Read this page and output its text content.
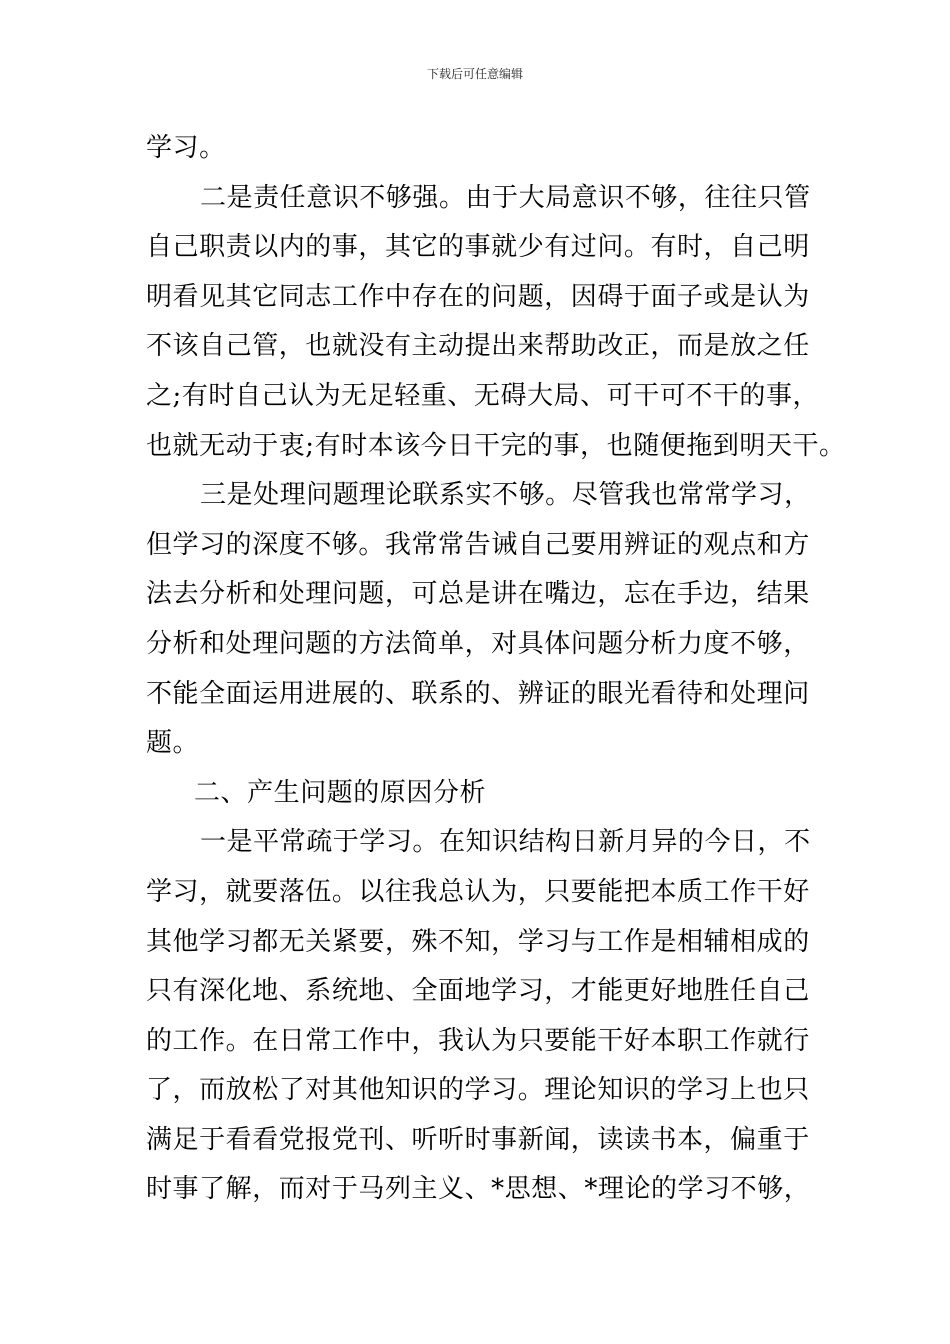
下载后可任意编辑
学习。
二是责任意识不够强。由于大局意识不够，往往只管
自己职责以内的事，其它的事就少有过问。有时，自己明
明看见其它同志工作中存在的问题，因碍于面子或是认为
不该自己管，也就没有主动提出来帮助改正，而是放之任
之;有时自己认为无足轻重、无碍大局、可干可不干的事，
也就无动于衷;有时本该今日干完的事，也随便拖到明天干。
三是处理问题理论联系实不够。尽管我也常常学习，
但学习的深度不够。我常常告诫自己要用辨证的观点和方
法去分析和处理问题，可总是讲在嘴边，忘在手边，结果
分析和处理问题的方法简单，对具体问题分析力度不够，
不能全面运用进展的、联系的、辨证的眼光看待和处理问
题。
二、产生问题的原因分析
一是平常疏于学习。在知识结构日新月异的今日，不
学习，就要落伍。以往我总认为，只要能把本质工作干好
其他学习都无关紧要，殊不知，学习与工作是相辅相成的
只有深化地、系统地、全面地学习，才能更好地胜任自己
的工作。在日常工作中，我认为只要能干好本职工作就行
了，而放松了对其他知识的学习。理论知识的学习上也只
满足于看看党报党刊、听听时事新闻，读读书本，偏重于
时事了解，而对于马列主义、*思想、*理论的学习不够，
